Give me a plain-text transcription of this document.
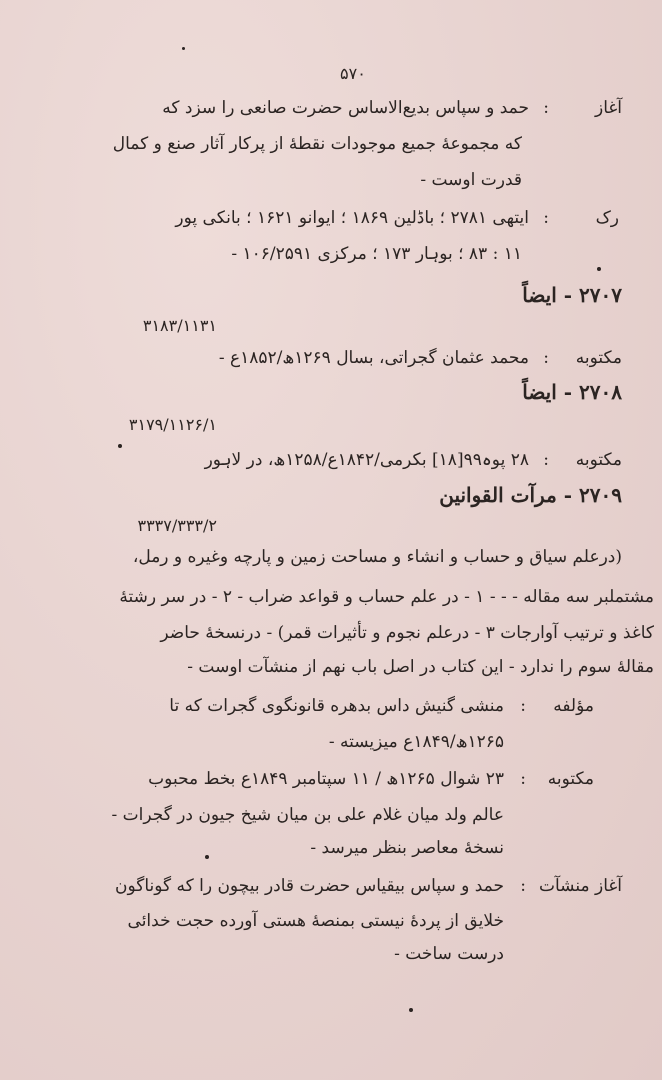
۵۷۰
آغاز
:
حمد و سپاس بدیع‌الاساس حضرت صانعی را سزد که
که مجموعهٔ جمیع موجودات نقطهٔ از پرکار آثار صنع و کمال
قدرت اوست -
رک
:
ایتهی ۲۷۸۱ ؛ باڈلین ۱۸۶۹ ؛ ایوانو ۱۶۲۱ ؛ بانکی پور
۱۱ : ۸۳ ؛ بوہار ۱۷۳ ؛ مرکزی ۱۰۶/۲۵۹۱ -
۲۷۰۷ - ایضاً
۳۱۸۳/۱۱۳۱
مکتوبه
:
محمد عثمان گجراتی، بسال ۱۲۶۹ھ/۱۸۵۲ع -
۲۷۰۸ - ایضاً
۳۱۷۹/۱۱۲۶/۱
مکتوبه
:
۲۸ پوہ۹۹[۱۸] بکرمی/۱۸۴۲ع/۱۲۵۸ھ، در لاہور
۲۷۰۹ - مرآت القوانین
۳۳۳۷/۳۳۳/۲
(درعلم سیاق و حساب و انشاء و مساحت زمین و پارچه وغیره و رمل،
مشتملبر سه مقاله - - - ۱ - در علم حساب و قواعد ضراب - ۲ - در سر رشتهٔ
کاغذ و ترتیب آوارجات ۳ - درعلم نجوم و تأثیرات قمر) - درنسخهٔ حاضر
مقالهٔ سوم را ندارد - این کتاب در اصل باب نهم از منشآت اوست -
مؤلفه
:
منشی گنیش داس بدهره قانونگوی گجرات که تا
۱۲۶۵ھ/۱۸۴۹ع میزیسته -
مکتوبه
:
۲۳ شوال ۱۲۶۵ھ / ۱۱ سپتامبر ۱۸۴۹ع بخط محبوب
عالم ولد میان غلام علی بن میان شیخ جیون در گجرات -
نسخهٔ معاصر بنظر میرسد -
آغاز منشآت
:
حمد و سپاس بیقیاس حضرت قادر بیچون را که گوناگون
خلایق از پردهٔ نیستی بمنصهٔ هستی آورده حجت خدائی
درست ساخت -
